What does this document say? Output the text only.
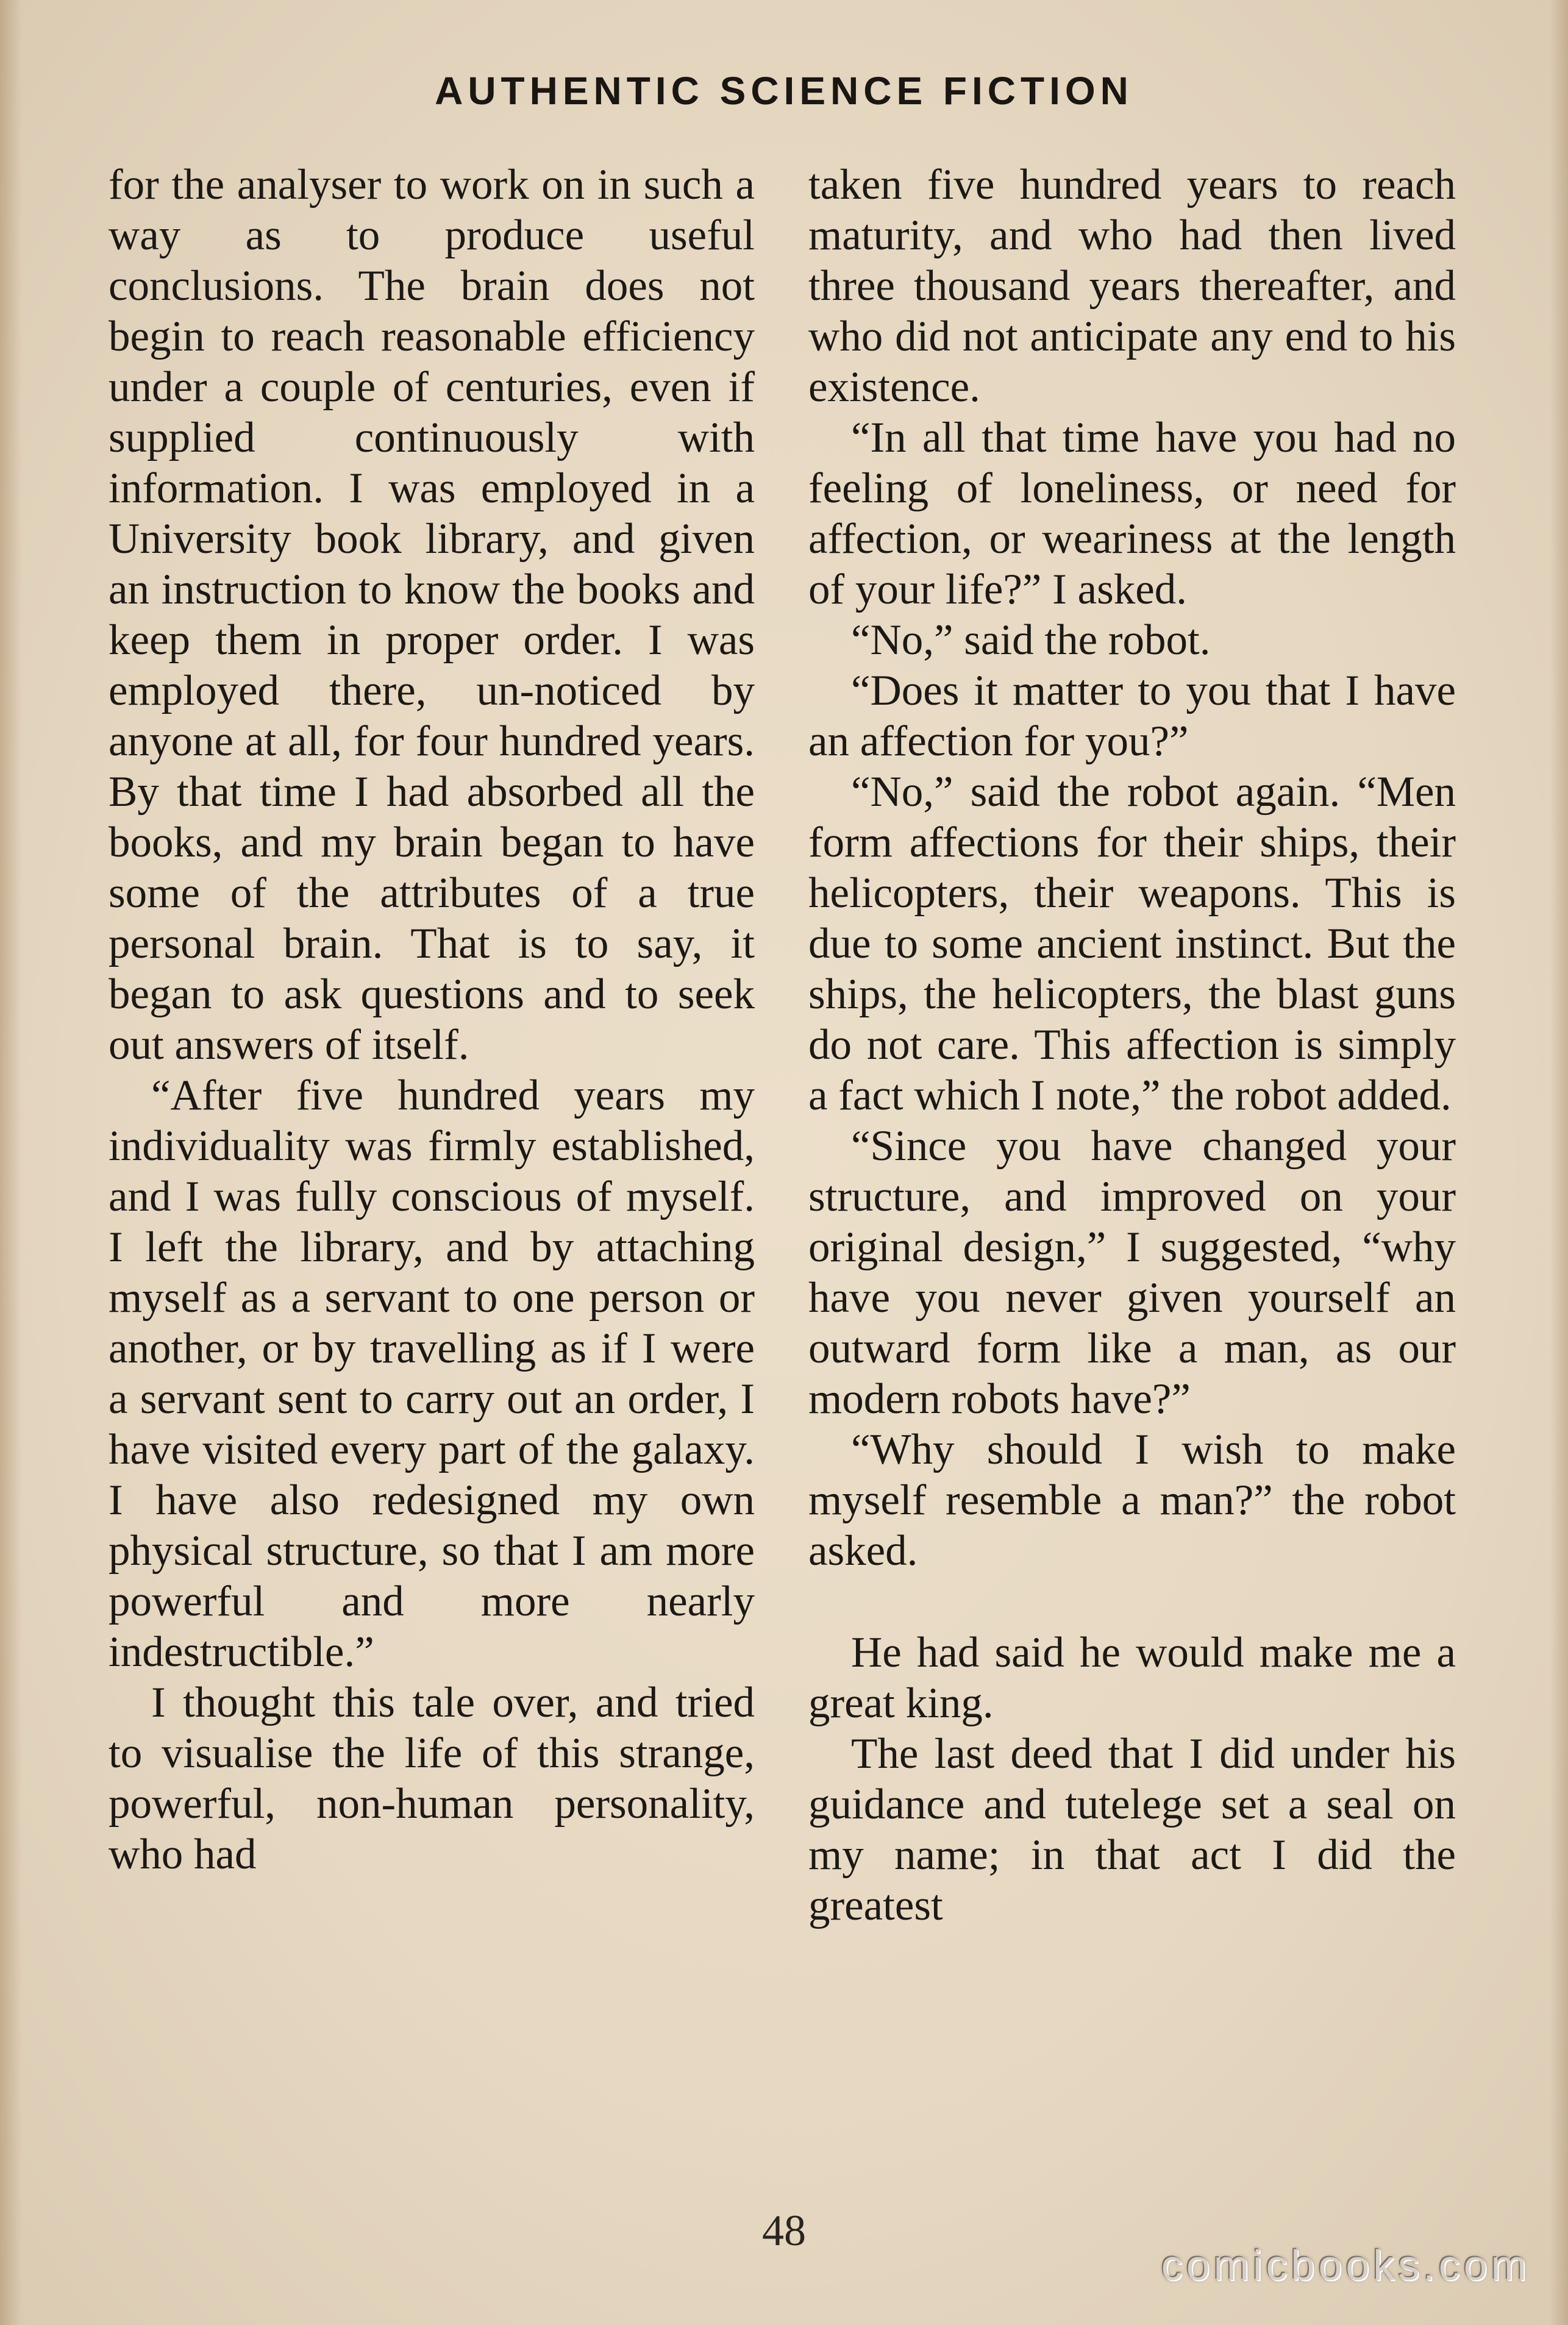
AUTHENTIC SCIENCE FICTION

for the analyser to work on in such a way as to produce useful conclusions. The brain does not begin to reach reasonable efficiency under a couple of centuries, even if supplied continuously with information. I was employed in a University book library, and given an instruction to know the books and keep them in proper order. I was employed there, un-noticed by anyone at all, for four hundred years. By that time I had absorbed all the books, and my brain began to have some of the attributes of a true personal brain. That is to say, it began to ask questions and to seek out answers of itself.

“After five hundred years my individuality was firmly established, and I was fully conscious of myself. I left the library, and by attaching myself as a servant to one person or another, or by travelling as if I were a servant sent to carry out an order, I have visited every part of the galaxy. I have also redesigned my own physical structure, so that I am more powerful and more nearly indestructible.”

I thought this tale over, and tried to visualise the life of this strange, powerful, non-human personality, who had

taken five hundred years to reach maturity, and who had then lived three thousand years thereafter, and who did not anticipate any end to his existence.

“In all that time have you had no feeling of loneliness, or need for affection, or weariness at the length of your life?” I asked.

“No,” said the robot.

“Does it matter to you that I have an affection for you?”

“No,” said the robot again. “Men form affections for their ships, their helicopters, their weapons. This is due to some ancient instinct. But the ships, the helicopters, the blast guns do not care. This affection is simply a fact which I note,” the robot added.

“Since you have changed your structure, and improved on your original design,” I suggested, “why have you never given yourself an outward form like a man, as our modern robots have?”

“Why should I wish to make myself resemble a man?” the robot asked.

He had said he would make me a great king.

The last deed that I did under his guidance and tutelege set a seal on my name; in that act I did the greatest

48
comicbooks.com
